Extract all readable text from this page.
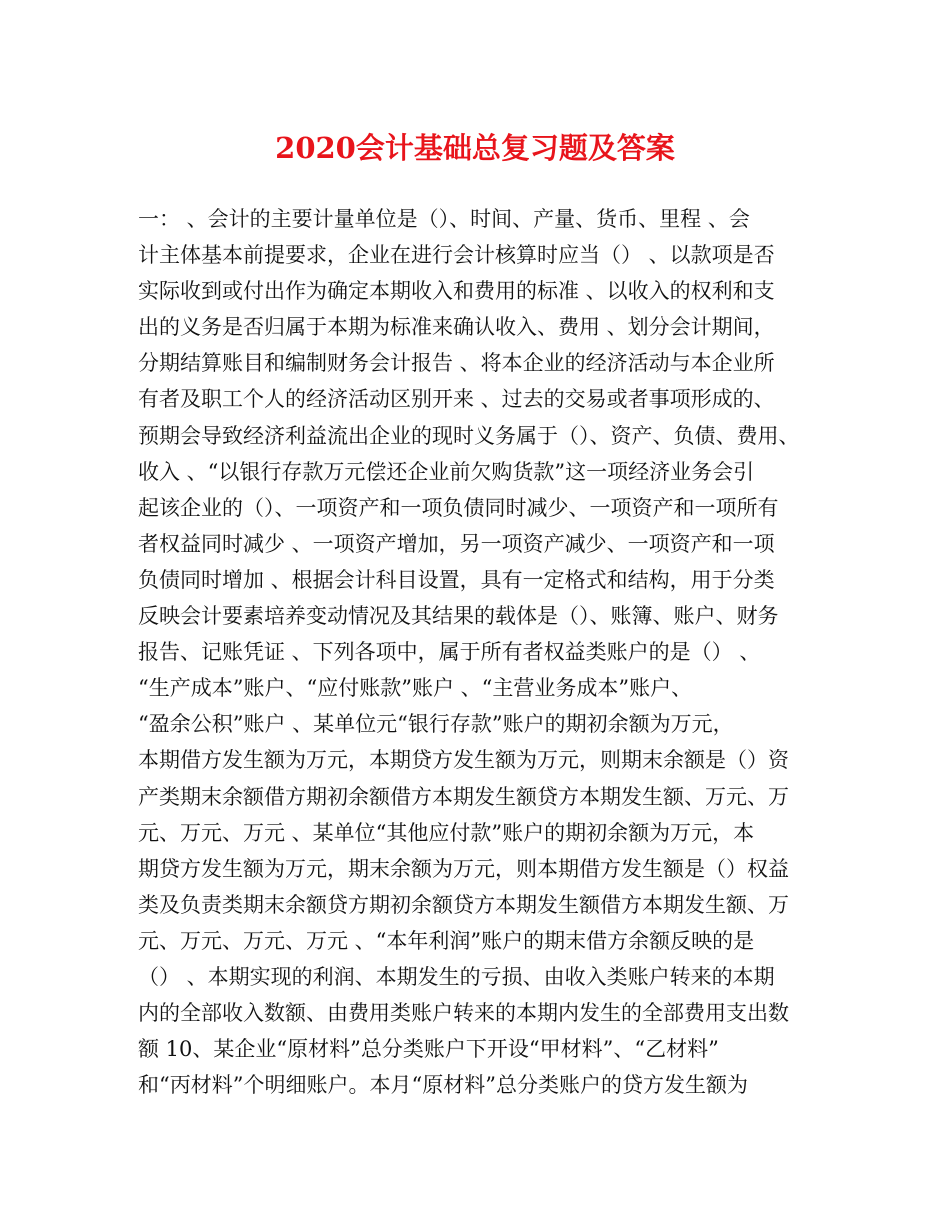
2020会计基础总复习题及答案
一： 、会计的主要计量单位是（）、时间、产量、货币、里程 、会
计主体基本前提要求，企业在进行会计核算时应当（） 、以款项是否
实际收到或付出作为确定本期收入和费用的标准 、以收入的权利和支
出的义务是否归属于本期为标准来确认收入、费用 、划分会计期间，
分期结算账目和编制财务会计报告 、将本企业的经济活动与本企业所
有者及职工个人的经济活动区别开来 、过去的交易或者事项形成的、
预期会导致经济利益流出企业的现时义务属于（）、资产、负债、费用、
收入 、“以银行存款万元偿还企业前欠购货款”这一项经济业务会引
起该企业的（）、一项资产和一项负债同时减少、一项资产和一项所有
者权益同时减少 、一项资产增加，另一项资产减少、一项资产和一项
负债同时增加 、根据会计科目设置，具有一定格式和结构，用于分类
反映会计要素培养变动情况及其结果的载体是（）、账簿、账户、财务
报告、记账凭证 、下列各项中，属于所有者权益类账户的是（） 、
“生产成本”账户、“应付账款”账户 、“主营业务成本”账户、
“盈余公积”账户 、某单位元“银行存款”账户的期初余额为万元，
本期借方发生额为万元，本期贷方发生额为万元，则期末余额是（）资
产类期末余额借方期初余额借方本期发生额贷方本期发生额、万元、万
元、万元、万元 、某单位“其他应付款”账户的期初余额为万元，本
期贷方发生额为万元，期末余额为万元，则本期借方发生额是（）权益
类及负责类期末余额贷方期初余额贷方本期发生额借方本期发生额、万
元、万元、万元、万元 、“本年利润”账户的期末借方余额反映的是
（） 、本期实现的利润、本期发生的亏损、由收入类账户转来的本期
内的全部收入数额、由费用类账户转来的本期内发生的全部费用支出数
额 10、某企业“原材料”总分类账户下开设“甲材料”、“乙材料”
和“丙材料”个明细账户。本月“原材料”总分类账户的贷方发生额为
